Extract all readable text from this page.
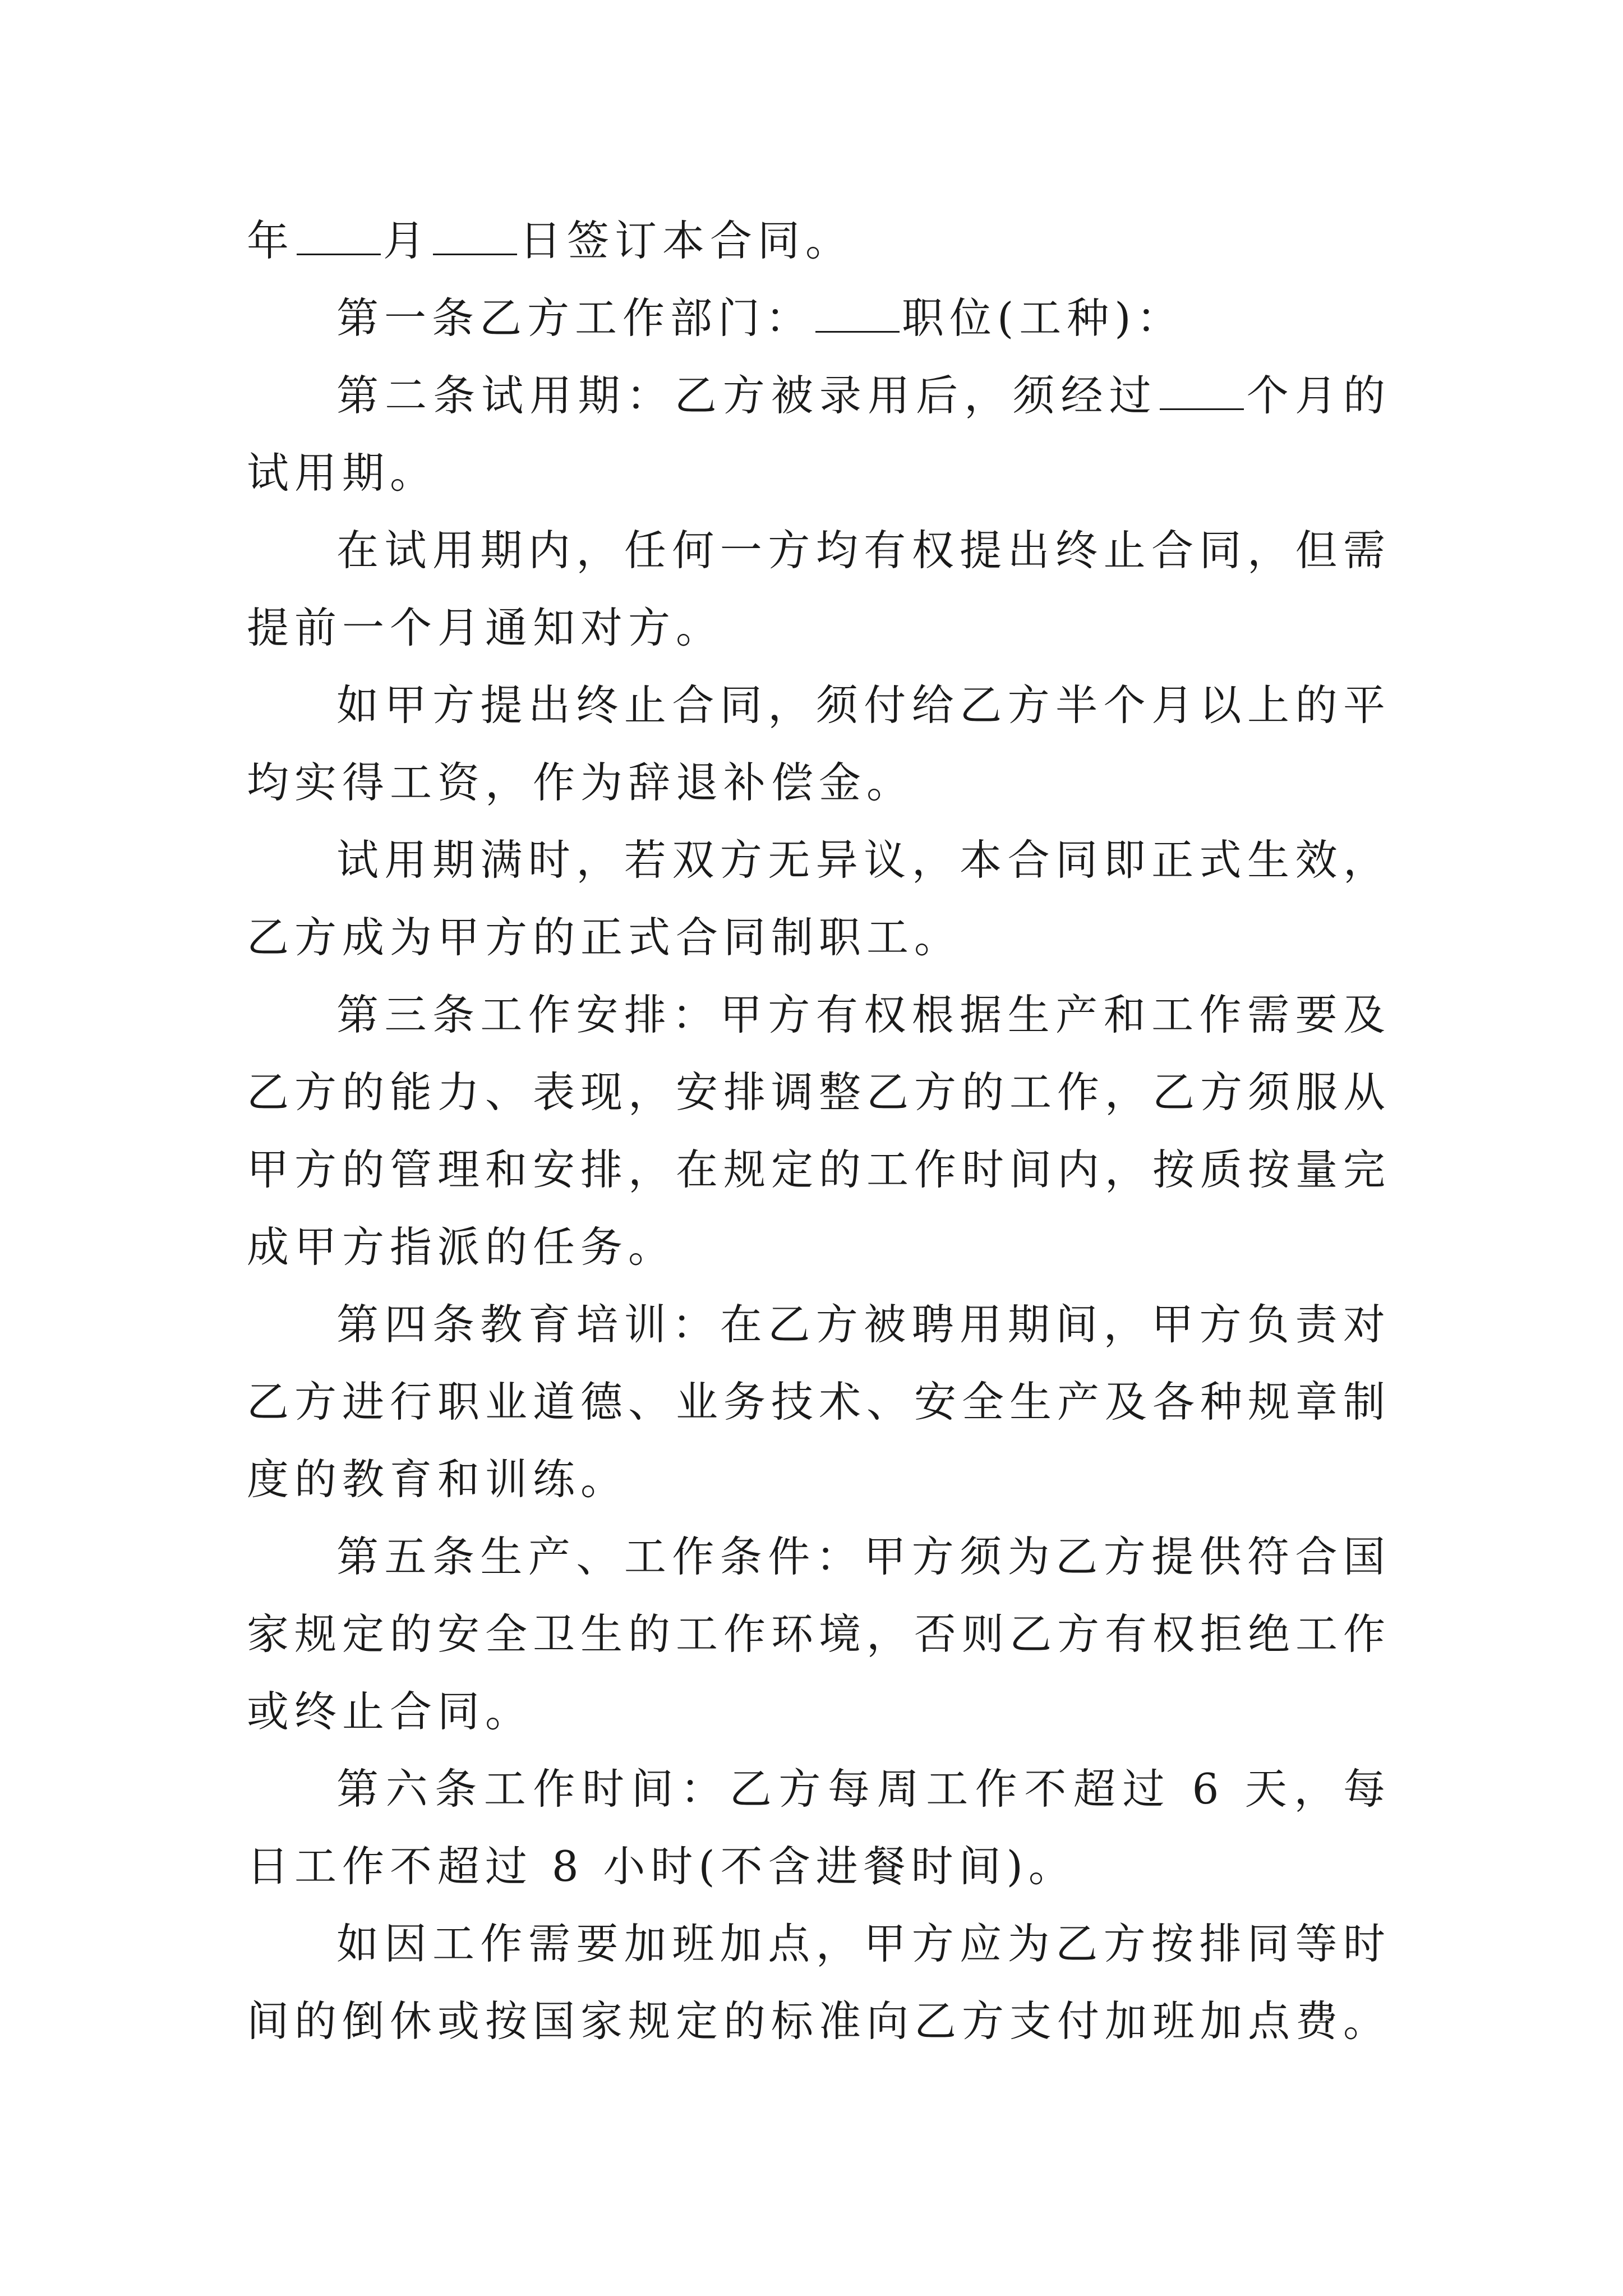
年 月 日签订本合同。

第一条乙方工作部门： 职位(工种)：

第二条试用期：乙方被录用后，须经过 个月的试用期。

在试用期内，任何一方均有权提出终止合同，但需提前一个月通知对方。

如甲方提出终止合同，须付给乙方半个月以上的平均实得工资，作为辞退补偿金。

试用期满时，若双方无异议，本合同即正式生效，乙方成为甲方的正式合同制职工。

第三条工作安排：甲方有权根据生产和工作需要及乙方的能力、表现，安排调整乙方的工作，乙方须服从甲方的管理和安排，在规定的工作时间内，按质按量完成甲方指派的任务。

第四条教育培训：在乙方被聘用期间，甲方负责对乙方进行职业道德、业务技术、安全生产及各种规章制度的教育和训练。

第五条生产、工作条件：甲方须为乙方提供符合国家规定的安全卫生的工作环境，否则乙方有权拒绝工作或终止合同。

第六条工作时间：乙方每周工作不超过 6 天，每日工作不超过 8 小时(不含进餐时间)。

如因工作需要加班加点，甲方应为乙方按排同等时间的倒休或按国家规定的标准向乙方支付加班加点费。
